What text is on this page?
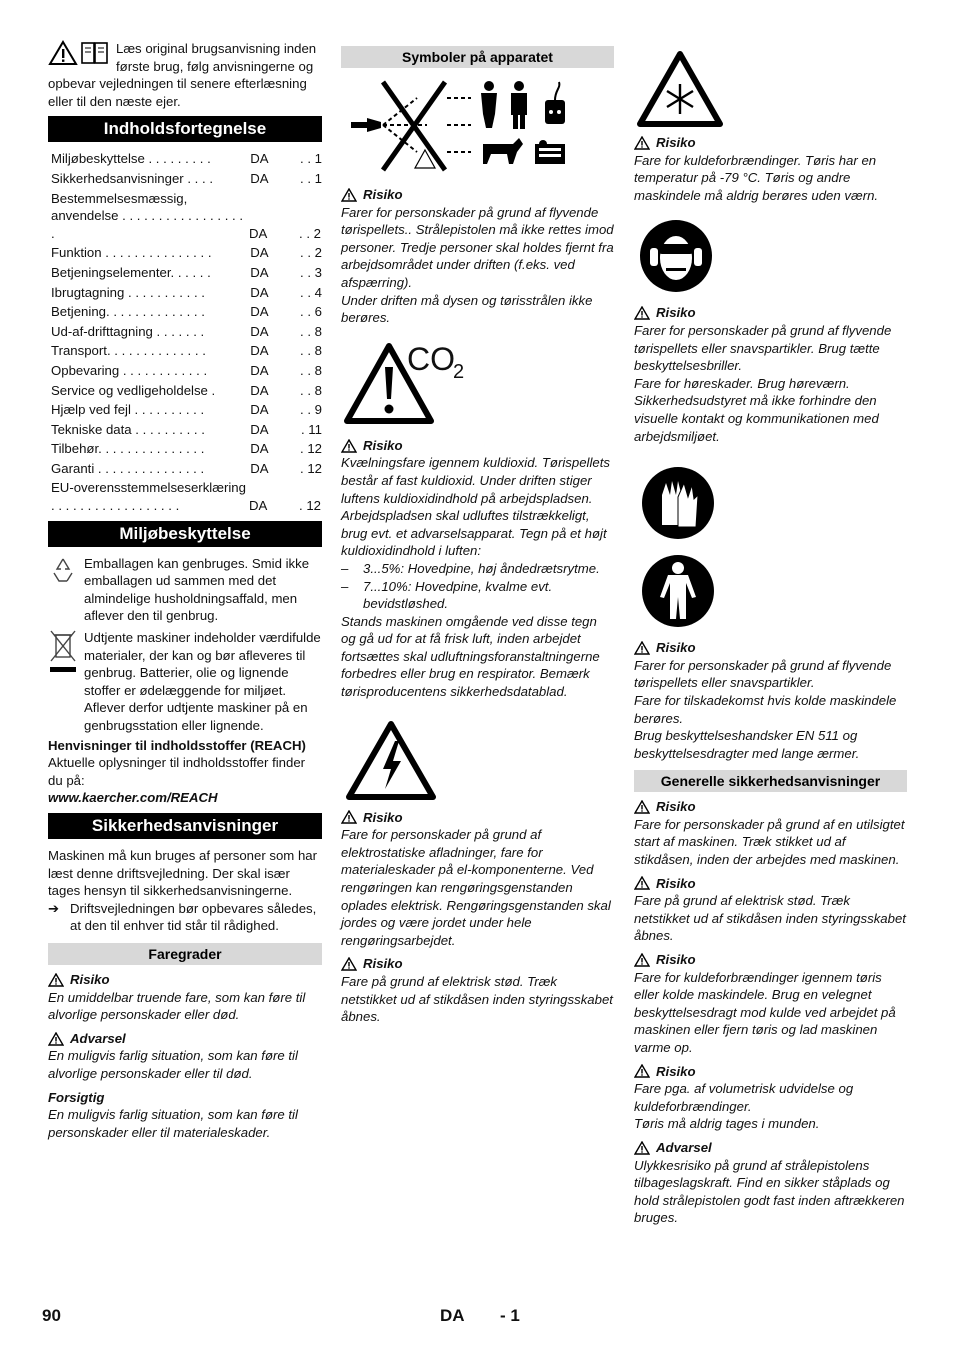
Læs original brugsanvisning inden første brug, følg anvisningerne og opbevar vejledningen til senere efterlæsning eller til den næste ejer.

Indholdsfortegnelse
Miljøbeskyttelse . . . . . . . . .	DA	. . 1
Sikkerhedsanvisninger . . . .	DA	. . 1
Bestemmelsesmæssig, anvendelse . . . . . . . . . . . . . . . . . .	DA	. . 2
Funktion . . . . . . . . . . . . . . .	DA	. . 2
Betjeningselementer. . . . . .	DA	. . 3
Ibrugtagning . . . . . . . . . . .	DA	. . 4
Betjening. . . . . . . . . . . . . .	DA	. . 6
Ud-af-drifttagning . . . . . . .	DA	. . 8
Transport. . . . . . . . . . . . . .	DA	. . 8
Opbevaring . . . . . . . . . . . .	DA	. . 8
Service og vedligeholdelse .	DA	. . 8
Hjælp ved fejl . . . . . . . . . .	DA	. . 9
Tekniske data . . . . . . . . . .	DA	. 11
Tilbehør. . . . . . . . . . . . . . .	DA	. 12
Garanti . . . . . . . . . . . . . . .	DA	. 12
EU-overensstemmelseserklæring . . . . . . . . . . . . . . . . . .	DA	. 12
Miljøbeskyttelse

Emballagen kan genbruges. Smid ikke emballagen ud sammen med det almindelige husholdningsaffald, men aflever den til genbrug.

Udtjente maskiner indeholder værdifulde materialer, der kan og bør afleveres til genbrug. Batterier, olie og lignende stoffer er ødelæggende for miljøet. Aflever derfor udtjente maskiner på en genbrugsstation eller lignende.

Henvisninger til indholdsstoffer (REACH)

Aktuelle oplysninger til indholdsstoffer finder du på:

www.kaercher.com/REACH

Sikkerhedsanvisninger

Maskinen må kun bruges af personer som har læst denne driftsvejledning. Der skal især tages hensyn til sikkerhedsanvisningerne.

➔ Driftsvejledningen bør opbevares således, at den til enhver tid står til rådighed.

Faregrader
Risiko

En umiddelbar truende fare, som kan føre til alvorlige personskader eller død.

Advarsel

En muligvis farlig situation, som kan føre til alvorlige personskader eller til død.

Forsigtig

En muligvis farlig situation, som kan føre til personskader eller til materialeskader.

Symboler på apparatet
Risiko

Farer for personskader på grund af flyvende tørispellets.. Strålepistolen må ikke rettes imod personer. Tredje personer skal holdes fjernt fra arbejdsområdet under driften (f.eks. ved afspærring).

Under driften må dysen og tørisstrålen ikke berøres.

CO
2
Risiko

Kvælningsfare igennem kuldioxid. Tørispellets består af fast kuldioxid. Under driften stiger luftens kuldioxidindhold på arbejdspladsen. Arbejdspladsen skal udluftes tilstrækkeligt, brug evt. et advarselsapparat. Tegn på et højt kuldioxidindhold i luften:

–	3...5%: Hovedpine, høj åndedrætsrytme.

–	7...10%: Hovedpine, kvalme evt. bevidstløshed.

Stands maskinen omgående ved disse tegn og gå ud for at få frisk luft, inden arbejdet fortsættes skal udluftningsforanstaltningerne forbedres eller brug en respirator. Bemærk tørisproducentens sikkerhedsdatablad.

Risiko

Fare for personskader på grund af elektrostatiske afladninger, fare for materialeskader på el-komponenterne. Ved rengøringen kan rengøringsgenstanden oplades elektrisk. Rengøringsgenstanden skal jordes og være jordet under hele rengøringsarbejdet.

Risiko

Fare på grund af elektrisk stød. Træk netstikket ud af stikdåsen inden styringsskabet åbnes.

Risiko

Fare for kuldeforbrændinger. Tøris har en temperatur på -79 °C. Tøris og andre maskindele må aldrig berøres uden værn.

Risiko

Farer for personskader på grund af flyvende tørispellets eller snavspartikler. Brug tætte beskyttelsesbriller.

Fare for høreskader. Brug høreværn.

Sikkerhedsudstyret må ikke forhindre den visuelle kontakt og kommunikationen med arbejdsmiljøet.

Risiko

Farer for personskader på grund af flyvende tørispellets eller snavspartikler.

Fare for tilskadekomst hvis kolde maskindele berøres.

Brug beskyttelseshandsker EN 511 og beskyttelsesdragter med lange ærmer.

Generelle sikkerhedsanvisninger
Risiko

Fare for personskader på grund af en utilsigtet start af maskinen. Træk stikket ud af stikdåsen, inden der arbejdes med maskinen.

Risiko

Fare på grund af elektrisk stød. Træk netstikket ud af stikdåsen inden styringsskabet åbnes.

Risiko

Fare for kuldeforbrændinger igennem tøris eller kolde maskindele. Brug en velegnet beskyttelsesdragt mod kulde ved arbejdet på maskinen eller fjern tøris og lad maskinen varme op.

Risiko

Fare pga. af volumetrisk udvidelse og kuldeforbrændinger.

Tøris må aldrig tages i munden.

Advarsel

Ulykkesrisiko på grund af strålepistolens tilbageslagskraft. Find en sikker ståplads og hold strålepistolen godt fast inden aftrækkeren bruges.

90	DA - 1
